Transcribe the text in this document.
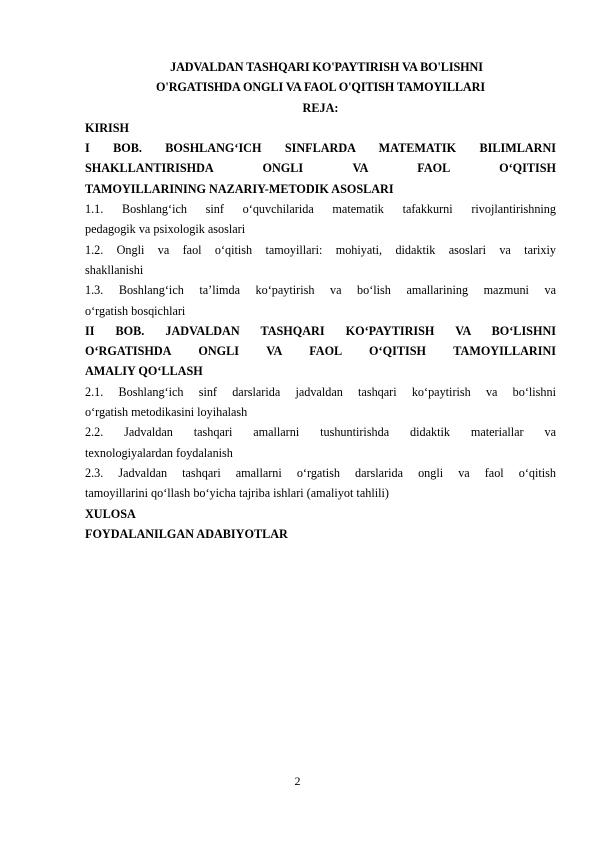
JADVALDAN TASHQARI KO'PAYTIRISH VA BO'LISHNI
O'RGATISHDA ONGLI VA FAOL O'QITISH TAMOYILLARI
REJA:
KIRISH
I BOB. BOSHLANG‘ICH SINFLARDA MATEMATIK BILIMLARNI
SHAKLLANTIRISHDA ONGLI VA FAOL O‘QITISH
TAMOYILLARINING NAZARIY-METODIK ASOSLARI
1.1. Boshlang‘ich sinf o‘quvchilarida matematik tafakkurni rivojlantirishning
pedagogik va psixologik asoslari
1.2. Ongli va faol o‘qitish tamoyillari: mohiyati, didaktik asoslari va tarixiy
shakllanishi
1.3. Boshlang‘ich ta’limda ko‘paytirish va bo‘lish amallarining mazmuni va
o‘rgatish bosqichlari
II BOB. JADVALDAN TASHQARI KO‘PAYTIRISH VA BO‘LISHNI
O‘RGATISHDA ONGLI VA FAOL O‘QITISH TAMOYILLARINI
AMALIY QO‘LLASH
2.1. Boshlang‘ich sinf darslarida jadvaldan tashqari ko‘paytirish va bo‘lishni
o‘rgatish metodikasini loyihalash
2.2. Jadvaldan tashqari amallarni tushuntirishda didaktik materiallar va
texnologiyalardan foydalanish
2.3. Jadvaldan tashqari amallarni o‘rgatish darslarida ongli va faol o‘qitish
tamoyillarini qo‘llash bo‘yicha tajriba ishlari (amaliyot tahlili)
XULOSA
FOYDALANILGAN ADABIYOTLAR
2
